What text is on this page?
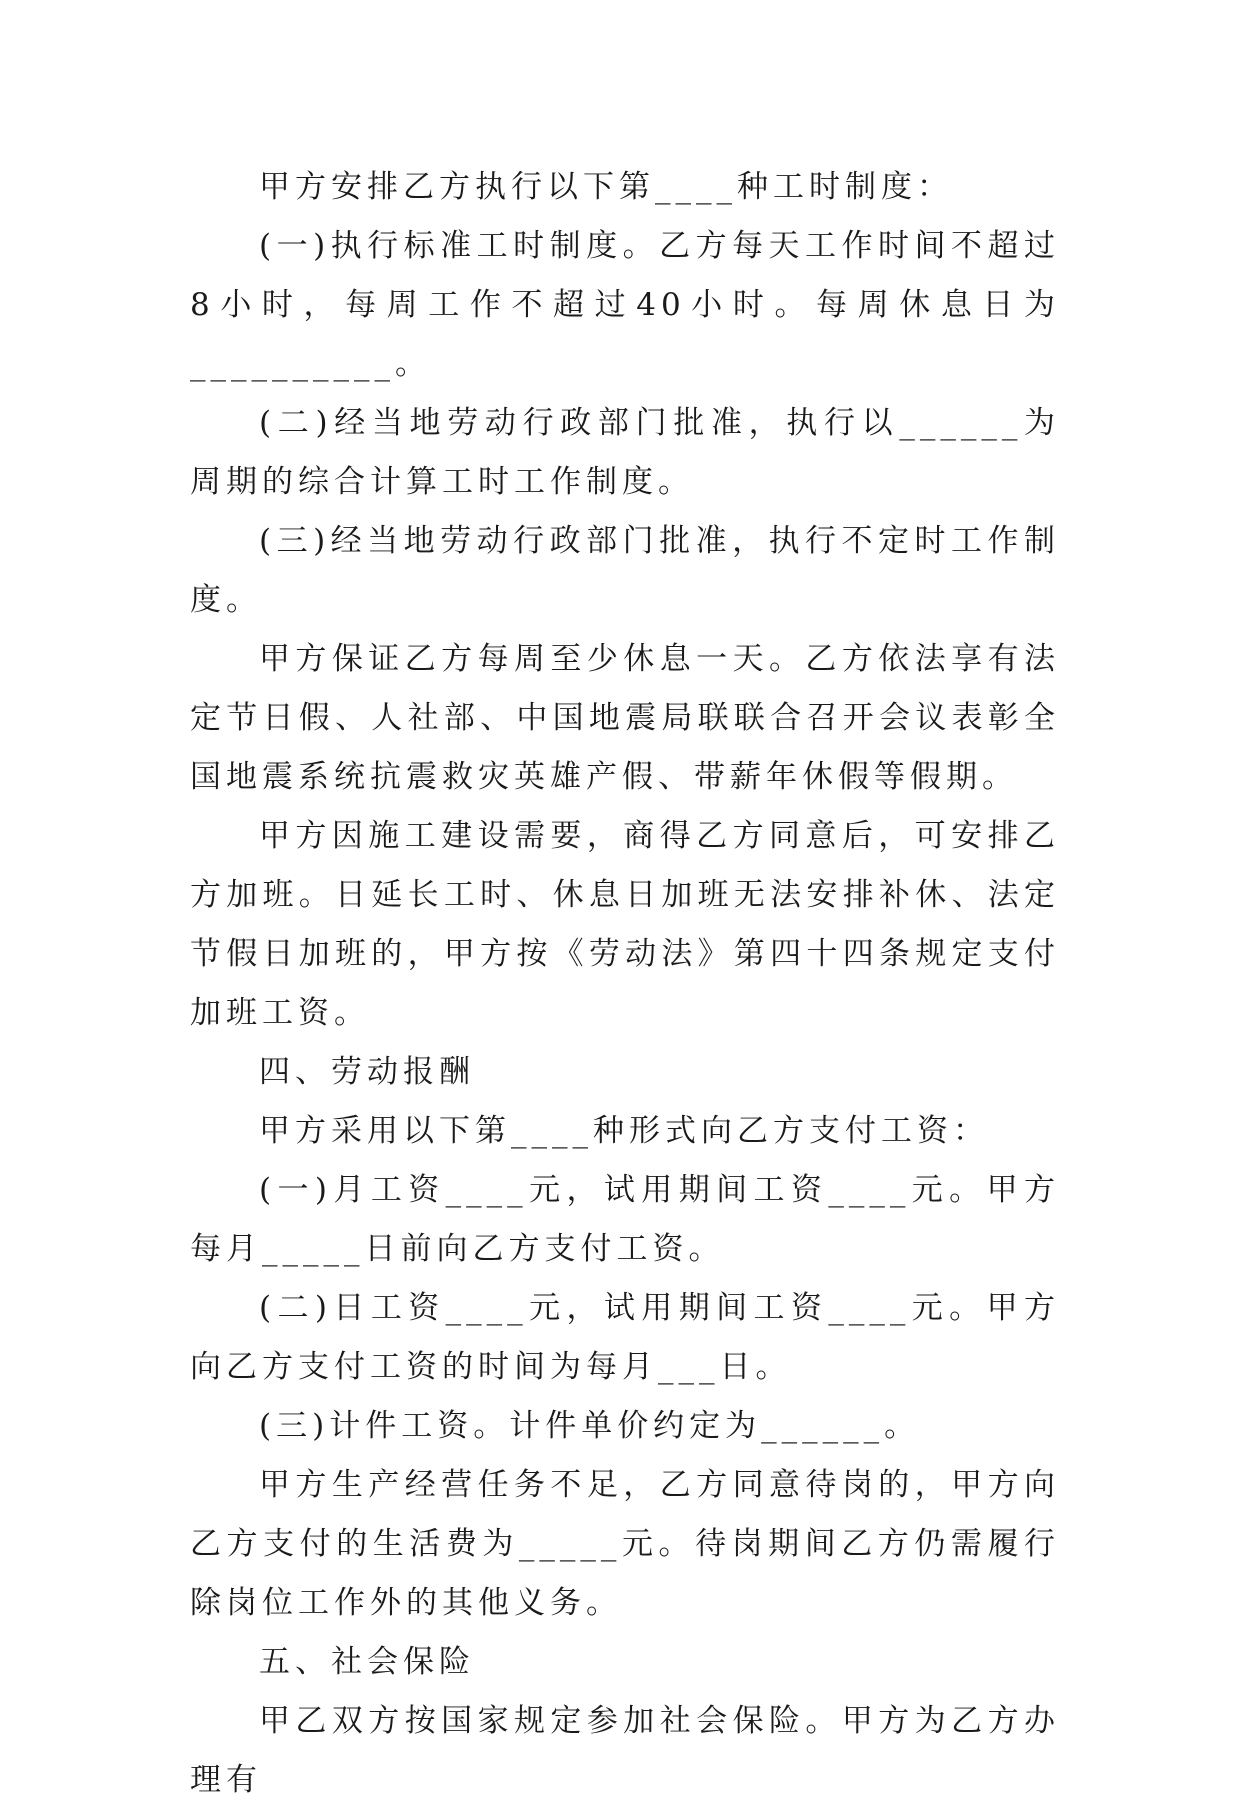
甲方安排乙方执行以下第____种工时制度：

(一)执行标准工时制度。乙方每天工作时间不超过8小时，每周工作不超过40小时。每周休息日为__________。

(二)经当地劳动行政部门批准，执行以______为周期的综合计算工时工作制度。

(三)经当地劳动行政部门批准，执行不定时工作制度。

甲方保证乙方每周至少休息一天。乙方依法享有法定节日假、人社部、中国地震局联联合召开会议表彰全国地震系统抗震救灾英雄产假、带薪年休假等假期。

甲方因施工建设需要，商得乙方同意后，可安排乙方加班。日延长工时、休息日加班无法安排补休、法定节假日加班的，甲方按《劳动法》第四十四条规定支付加班工资。

四、劳动报酬

甲方采用以下第____种形式向乙方支付工资：

(一)月工资____元，试用期间工资____元。甲方每月_____日前向乙方支付工资。

(二)日工资____元，试用期间工资____元。甲方向乙方支付工资的时间为每月___日。

(三)计件工资。计件单价约定为______。

甲方生产经营任务不足，乙方同意待岗的，甲方向乙方支付的生活费为_____元。待岗期间乙方仍需履行除岗位工作外的其他义务。

五、社会保险

甲乙双方按国家规定参加社会保险。甲方为乙方办理有
